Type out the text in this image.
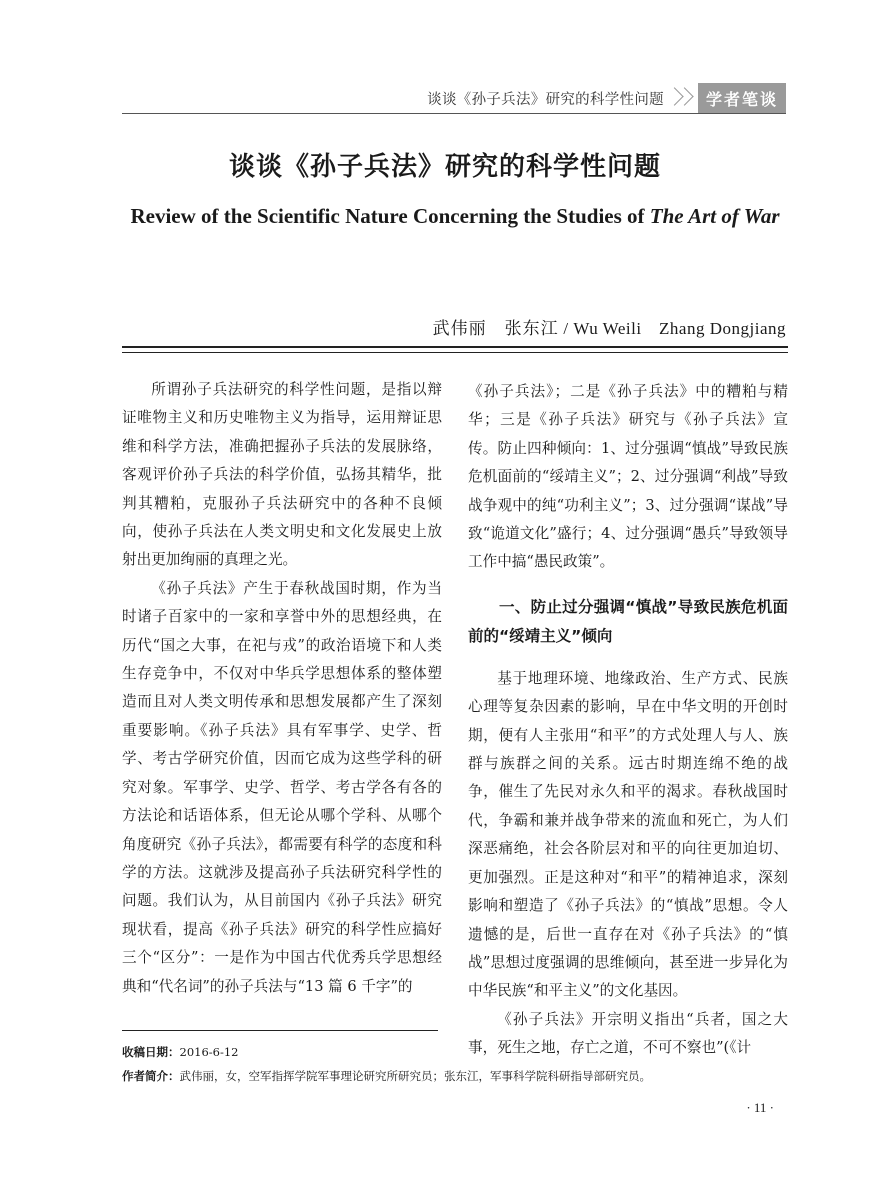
谈谈《孙子兵法》研究的科学性问题	学者笔谈
谈谈《孙子兵法》研究的科学性问题
Review of the Scientific Nature Concerning the Studies of The Art of War
武伟丽　张东江 / Wu Weili　Zhang Dongjiang

所谓孙子兵法研究的科学性问题，是指以辩证唯物主义和历史唯物主义为指导，运用辩证思维和科学方法，准确把握孙子兵法的发展脉络，客观评价孙子兵法的科学价值，弘扬其精华，批判其糟粕，克服孙子兵法研究中的各种不良倾向，使孙子兵法在人类文明史和文化发展史上放射出更加绚丽的真理之光。

《孙子兵法》产生于春秋战国时期，作为当时诸子百家中的一家和享誉中外的思想经典，在历代“国之大事，在祀与戎”的政治语境下和人类生存竞争中，不仅对中华兵学思想体系的整体塑造而且对人类文明传承和思想发展都产生了深刻重要影响。《孙子兵法》具有军事学、史学、哲学、考古学研究价值，因而它成为这些学科的研究对象。军事学、史学、哲学、考古学各有各的方法论和话语体系，但无论从哪个学科、从哪个角度研究《孙子兵法》，都需要有科学的态度和科学的方法。这就涉及提高孙子兵法研究科学性的问题。我们认为，从目前国内《孙子兵法》研究现状看，提高《孙子兵法》研究的科学性应搞好三个“区分”：一是作为中国古代优秀兵学思想经典和“代名词”的孙子兵法与“13 篇 6 千字”的

《孙子兵法》；二是《孙子兵法》中的糟粕与精华；三是《孙子兵法》研究与《孙子兵法》宣传。防止四种倾向：1、过分强调“慎战”导致民族危机面前的“绥靖主义”；2、过分强调“利战”导致战争观中的纯“功利主义”；3、过分强调“谋战”导致“诡道文化”盛行；4、过分强调“愚兵”导致领导工作中搞“愚民政策”。

一、防止过分强调“慎战”导致民族危机面前的“绥靖主义”倾向

基于地理环境、地缘政治、生产方式、民族心理等复杂因素的影响，早在中华文明的开创时期，便有人主张用“和平”的方式处理人与人、族群与族群之间的关系。远古时期连绵不绝的战争，催生了先民对永久和平的渴求。春秋战国时代，争霸和兼并战争带来的流血和死亡，为人们深恶痛绝，社会各阶层对和平的向往更加迫切、更加强烈。正是这种对“和平”的精神追求，深刻影响和塑造了《孙子兵法》的“慎战”思想。令人遗憾的是，后世一直存在对《孙子兵法》的“慎战”思想过度强调的思维倾向，甚至进一步异化为中华民族“和平主义”的文化基因。

《孙子兵法》开宗明义指出“兵者，国之大事，死生之地，存亡之道，不可不察也”(《计

收稿日期：2016-6-12
作者简介：武伟丽，女，空军指挥学院军事理论研究所研究员；张东江，军事科学院科研指导部研究员。
· 11 ·
